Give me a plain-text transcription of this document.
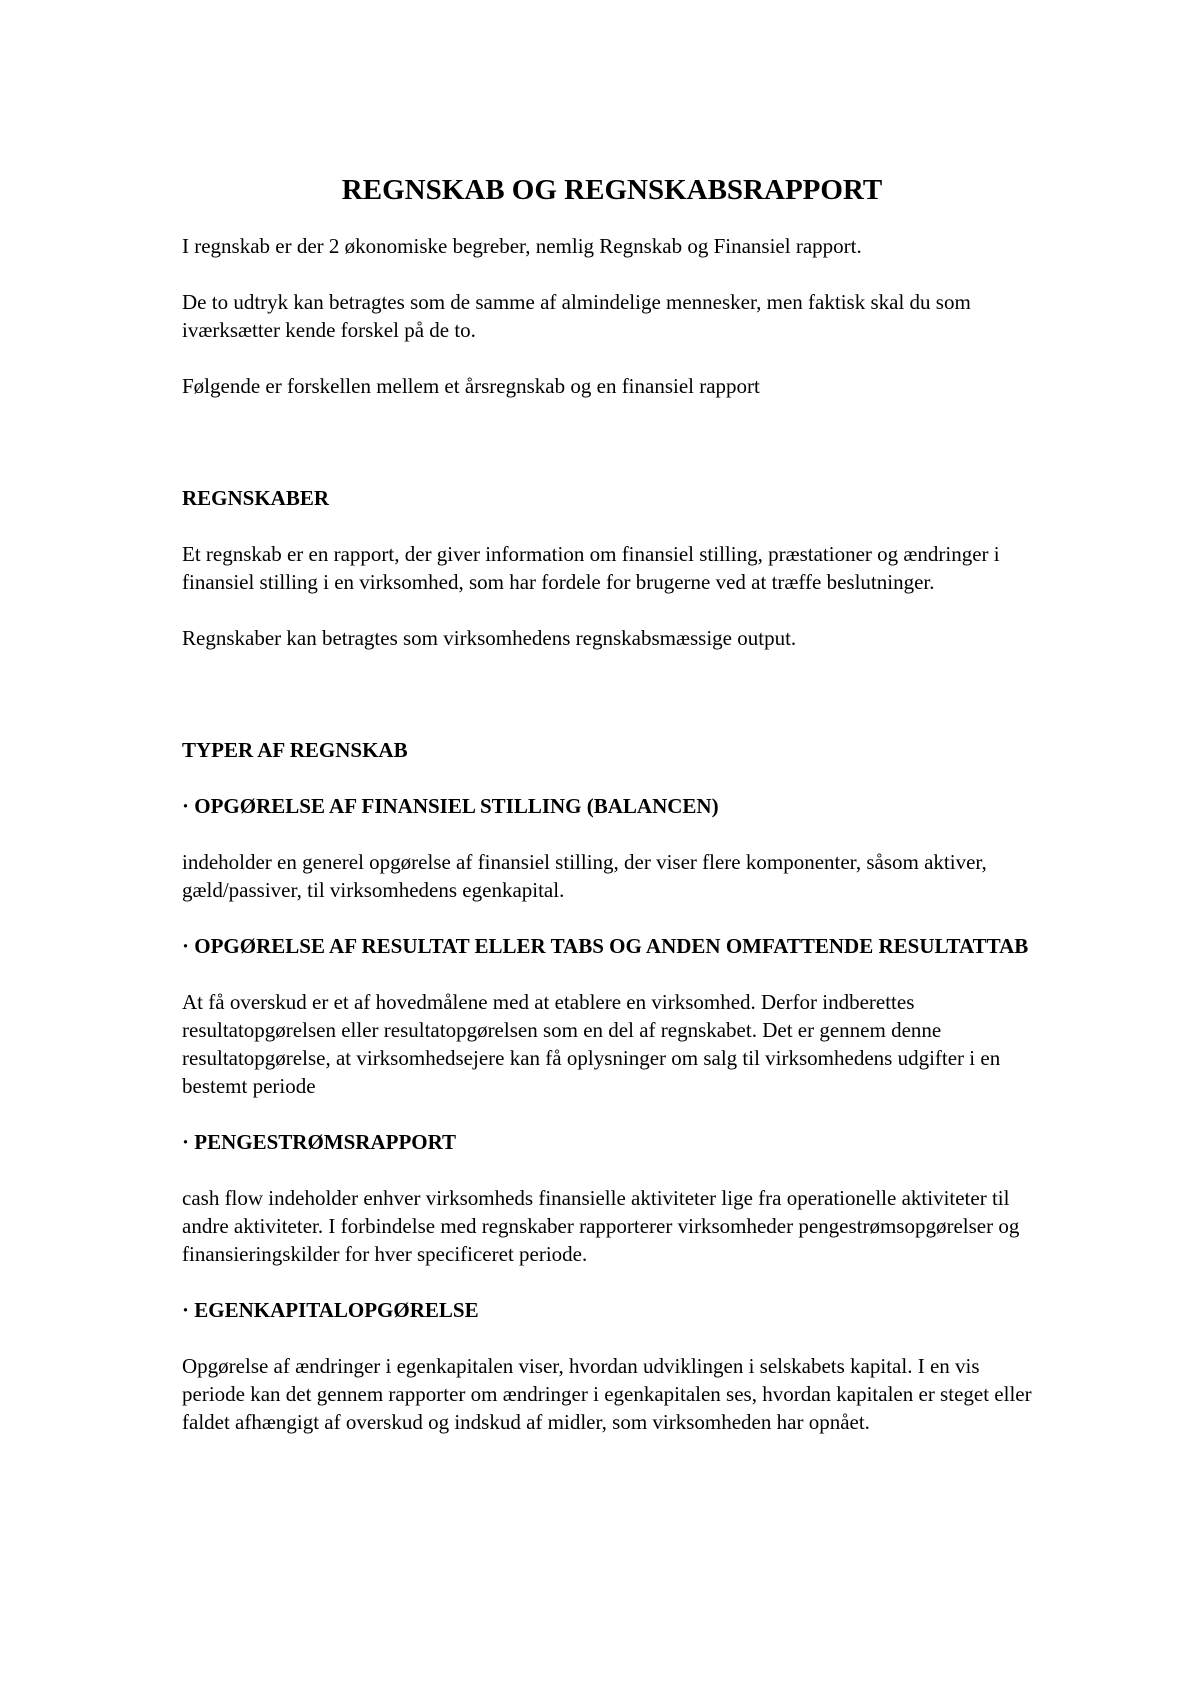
REGNSKAB OG REGNSKABSRAPPORT

I regnskab er der 2 økonomiske begreber, nemlig Regnskab og Finansiel rapport.

De to udtryk kan betragtes som de samme af almindelige mennesker, men faktisk skal du som iværksætter kende forskel på de to.

Følgende er forskellen mellem et årsregnskab og en finansiel rapport

REGNSKABER

Et regnskab er en rapport, der giver information om finansiel stilling, præstationer og ændringer i finansiel stilling i en virksomhed, som har fordele for brugerne ved at træffe beslutninger.

Regnskaber kan betragtes som virksomhedens regnskabsmæssige output.

TYPER AF REGNSKAB
· OPGØRELSE AF FINANSIEL STILLING (BALANCEN)

indeholder en generel opgørelse af finansiel stilling, der viser flere komponenter, såsom aktiver, gæld/passiver, til virksomhedens egenkapital.

· OPGØRELSE AF RESULTAT ELLER TABS OG ANDEN OMFATTENDE RESULTATTAB

At få overskud er et af hovedmålene med at etablere en virksomhed. Derfor indberettes resultatopgørelsen eller resultatopgørelsen som en del af regnskabet. Det er gennem denne resultatopgørelse, at virksomhedsejere kan få oplysninger om salg til virksomhedens udgifter i en bestemt periode

· PENGESTRØMSRAPPORT

cash flow indeholder enhver virksomheds finansielle aktiviteter lige fra operationelle aktiviteter til andre aktiviteter. I forbindelse med regnskaber rapporterer virksomheder pengestrømsopgørelser og finansieringskilder for hver specificeret periode.

· EGENKAPITALOPGØRELSE

Opgørelse af ændringer i egenkapitalen viser, hvordan udviklingen i selskabets kapital. I en vis periode kan det gennem rapporter om ændringer i egenkapitalen ses, hvordan kapitalen er steget eller faldet afhængigt af overskud og indskud af midler, som virksomheden har opnået.
